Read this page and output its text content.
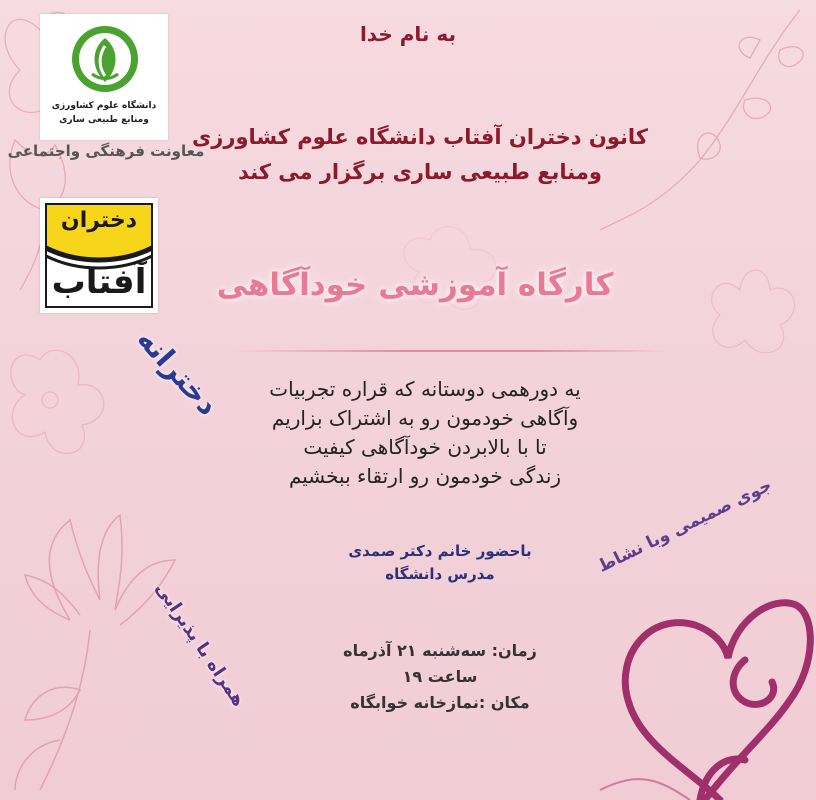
به نام خدا
دانشگاه علوم کشاورزی
ومنابع طبیعی ساری
معاونت فرهنگی واجتماعی
کانون دختران آفتاب دانشگاه علوم کشاورزی
ومنابع طبیعی ساری برگزار می کند
دختران
آفتاب	کارگاه آموزشی خودآگاهی
یه دورهمی دوستانه که قراره تجربیات
وآگاهی خودمون رو به اشتراک بزاریم
تا با بالابردن خودآگاهی کیفیت
زندگی خودمون رو ارتقاء ببخشیم
دخترانه
باحضور خانم دکتر صمدی
مدرس دانشگاه	جوی صمیمی وبا نشاط
همراه با پذیرایی	زمان: سه‌شنبه ۲۱ آذرماه
ساعت ۱۹
مکان :نمازخانه خوابگاه
